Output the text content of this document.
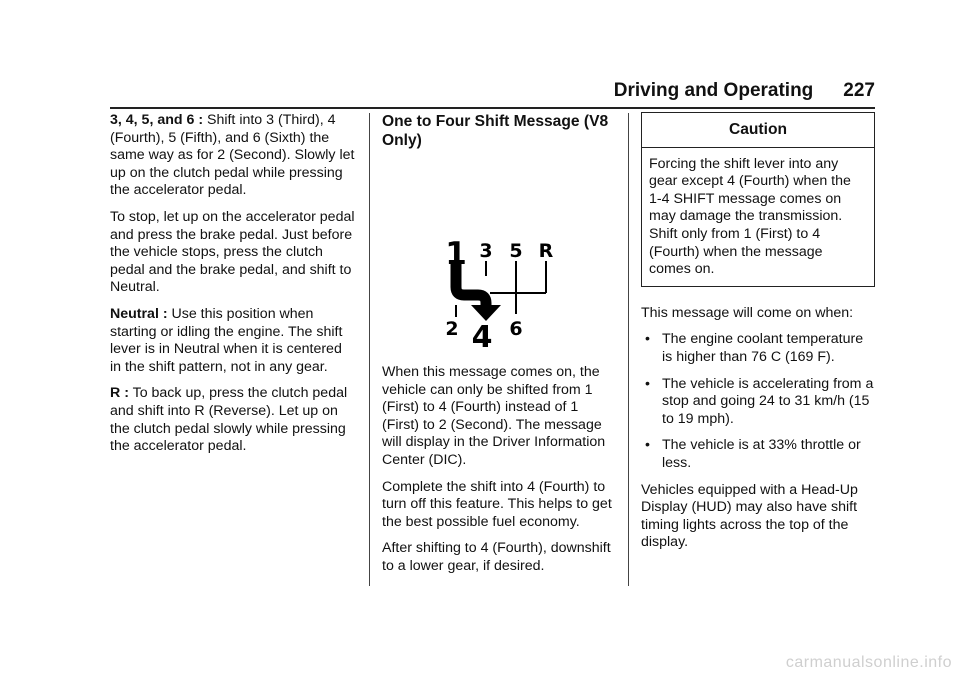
Driving and Operating 227

3, 4, 5, and 6 : Shift into 3 (Third), 4 (Fourth), 5 (Fifth), and 6 (Sixth) the same way as for 2 (Second). Slowly let up on the clutch pedal while pressing the accelerator pedal.

To stop, let up on the accelerator pedal and press the brake pedal. Just before the vehicle stops, press the clutch pedal and the brake pedal, and shift to Neutral.

Neutral : Use this position when starting or idling the engine. The shift lever is in Neutral when it is centered in the shift pattern, not in any gear.

R : To back up, press the clutch pedal and shift into R (Reverse). Let up on the clutch pedal slowly while pressing the accelerator pedal.

One to Four Shift Message (V8 Only)

1 3 5 R
2 4 6

When this message comes on, the vehicle can only be shifted from 1 (First) to 4 (Fourth) instead of 1 (First) to 2 (Second). The message will display in the Driver Information Center (DIC).

Complete the shift into 4 (Fourth) to turn off this feature. This helps to get the best possible fuel economy.

After shifting to 4 (Fourth), downshift to a lower gear, if desired.

Caution
Forcing the shift lever into any gear except 4 (Fourth) when the 1-4 SHIFT message comes on may damage the transmission. Shift only from 1 (First) to 4 (Fourth) when the message comes on.

This message will come on when:

• The engine coolant temperature is higher than 76 C (169 F).
• The vehicle is accelerating from a stop and going 24 to 31 km/h (15 to 19 mph).
• The vehicle is at 33% throttle or less.

Vehicles equipped with a Head-Up Display (HUD) may also have shift timing lights across the top of the display.

carmanualsonline.info
